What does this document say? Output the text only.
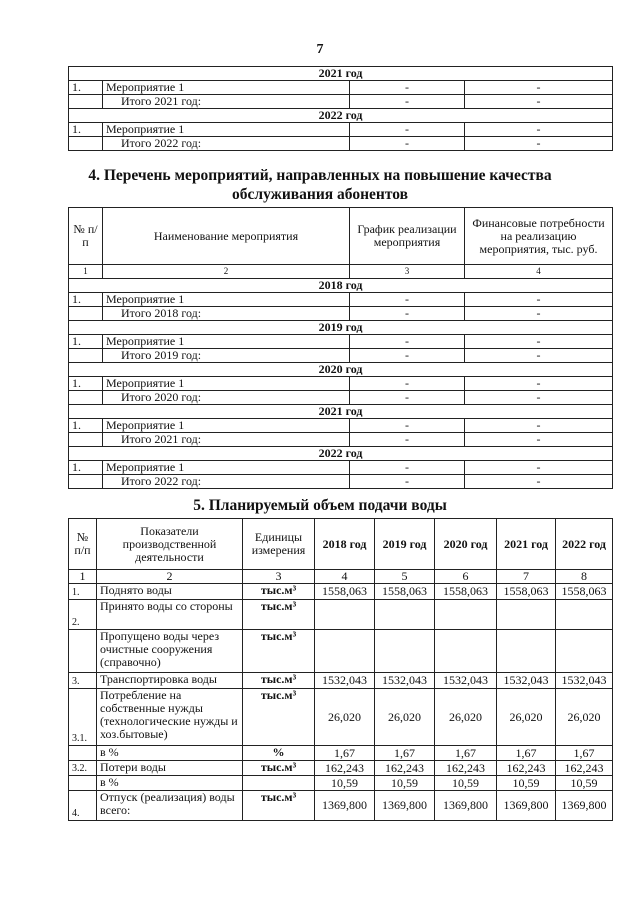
7
2021 год			
1.	Мероприятие 1	-	-
	Итого 2021 год:	-	-
2022 год			
1.	Мероприятие 1	-	-
	Итого 2022 год:	-	-
4. Перечень мероприятий, направленных на повышение качества
обслуживания абонентов
№ п/п	Наименование мероприятия	График реализации мероприятия	Финансовые потребности на реализацию мероприятия, тыс. руб.
1	2	3	4
2018 год			
1.	Мероприятие 1	-	-
	Итого 2018 год:	-	-
2019 год			
1.	Мероприятие 1	-	-
	Итого 2019 год:	-	-
2020 год			
1.	Мероприятие 1	-	-
	Итого 2020 год:	-	-
2021 год			
1.	Мероприятие 1	-	-
	Итого 2021 год:	-	-
2022 год			
1.	Мероприятие 1	-	-
	Итого 2022 год:	-	-
5. Планируемый объем подачи воды
№ п/п	Показатели производственной деятельности	Единицы измерения	2018 год	2019 год	2020 год	2021 год	2022 год
1	2	3	4	5	6	7	8
1.	Поднято воды	тыс.м³	1558,063	1558,063	1558,063	1558,063	1558,063
2.	Принято воды со стороны	тыс.м³					
	Пропущено воды через очистные сооружения (справочно)	тыс.м³					
3.	Транспортировка воды	тыс.м³	1532,043	1532,043	1532,043	1532,043	1532,043
3.1.	Потребление на собственные нужды (технологические нужды и хоз.бытовые)	тыс.м³	26,020	26,020	26,020	26,020	26,020
	в %	%	1,67	1,67	1,67	1,67	1,67
3.2.	Потери воды	тыс.м³	162,243	162,243	162,243	162,243	162,243
	в %		10,59	10,59	10,59	10,59	10,59
4.	Отпуск (реализация) воды всего:	тыс.м³	1369,800	1369,800	1369,800	1369,800	1369,800
